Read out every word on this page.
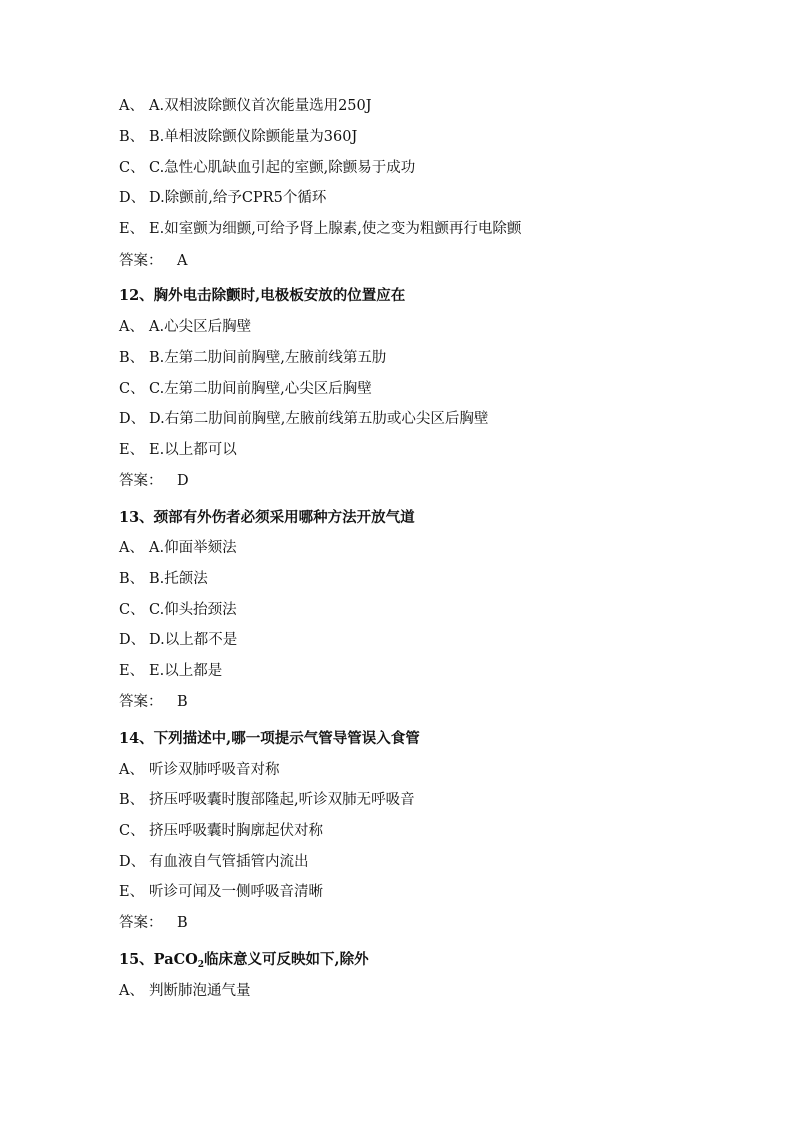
A、 A.双相波除颤仪首次能量选用250J
B、 B.单相波除颤仪除颤能量为360J
C、 C.急性心肌缺血引起的室颤,除颤易于成功
D、 D.除颤前,给予CPR5个循环
E、 E.如室颤为细颤,可给予肾上腺素,使之变为粗颤再行电除颤
答案： A
12、胸外电击除颤时,电极板安放的位置应在
A、 A.心尖区后胸壁
B、 B.左第二肋间前胸壁,左腋前线第五肋
C、 C.左第二肋间前胸壁,心尖区后胸壁
D、 D.右第二肋间前胸壁,左腋前线第五肋或心尖区后胸壁
E、 E.以上都可以
答案： D
13、颈部有外伤者必须采用哪种方法开放气道
A、 A.仰面举颏法
B、 B.托颌法
C、 C.仰头抬颈法
D、 D.以上都不是
E、 E.以上都是
答案： B
14、下列描述中,哪一项提示气管导管误入食管
A、 听诊双肺呼吸音对称
B、 挤压呼吸囊时腹部隆起,听诊双肺无呼吸音
C、 挤压呼吸囊时胸廓起伏对称
D、 有血液自气管插管内流出
E、 听诊可闻及一侧呼吸音清晰
答案： B
15、PaCO$_2$临床意义可反映如下,除外
A、 判断肺泡通气量
